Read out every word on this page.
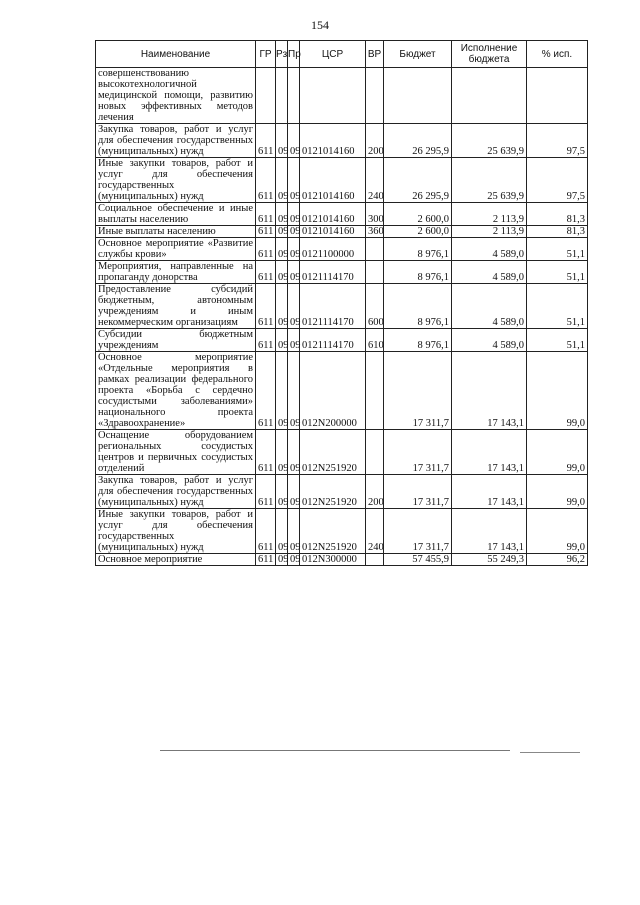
154
Наименование	ГР	Рз	Пр	ЦСР	ВР	Бюджет	Исполнение бюджета	% исп.
совершенствованию высокотехнологичной медицинской помощи, развитию новых эффективных методов лечения								
Закупка товаров, работ и услуг для обеспечения государственных (муниципальных) нужд	611	09	09	0121014160	200	26 295,9	25 639,9	97,5
Иные закупки товаров, работ и услуг для обеспечения государственных (муниципальных) нужд	611	09	09	0121014160	240	26 295,9	25 639,9	97,5
Социальное обеспечение и иные выплаты населению	611	09	09	0121014160	300	2 600,0	2 113,9	81,3
Иные выплаты населению	611	09	09	0121014160	360	2 600,0	2 113,9	81,3
Основное мероприятие «Развитие службы крови»	611	09	09	0121100000		8 976,1	4 589,0	51,1
Мероприятия, направленные на пропаганду донорства	611	09	09	0121114170		8 976,1	4 589,0	51,1
Предоставление субсидий бюджетным, автономным учреждениям и иным некоммерческим организациям	611	09	09	0121114170	600	8 976,1	4 589,0	51,1
Субсидии бюджетным учреждениям	611	09	09	0121114170	610	8 976,1	4 589,0	51,1
Основное мероприятие «Отдельные мероприятия в рамках реализации федерального проекта «Борьба с сердечно сосудистыми заболеваниями» национального проекта «Здравоохранение»	611	09	09	012N200000		17 311,7	17 143,1	99,0
Оснащение оборудованием региональных сосудистых центров и первичных сосудистых отделений	611	09	09	012N251920		17 311,7	17 143,1	99,0
Закупка товаров, работ и услуг для обеспечения государственных (муниципальных) нужд	611	09	09	012N251920	200	17 311,7	17 143,1	99,0
Иные закупки товаров, работ и услуг для обеспечения государственных (муниципальных) нужд	611	09	09	012N251920	240	17 311,7	17 143,1	99,0
Основное мероприятие	611	09	09	012N300000		57 455,9	55 249,3	96,2
